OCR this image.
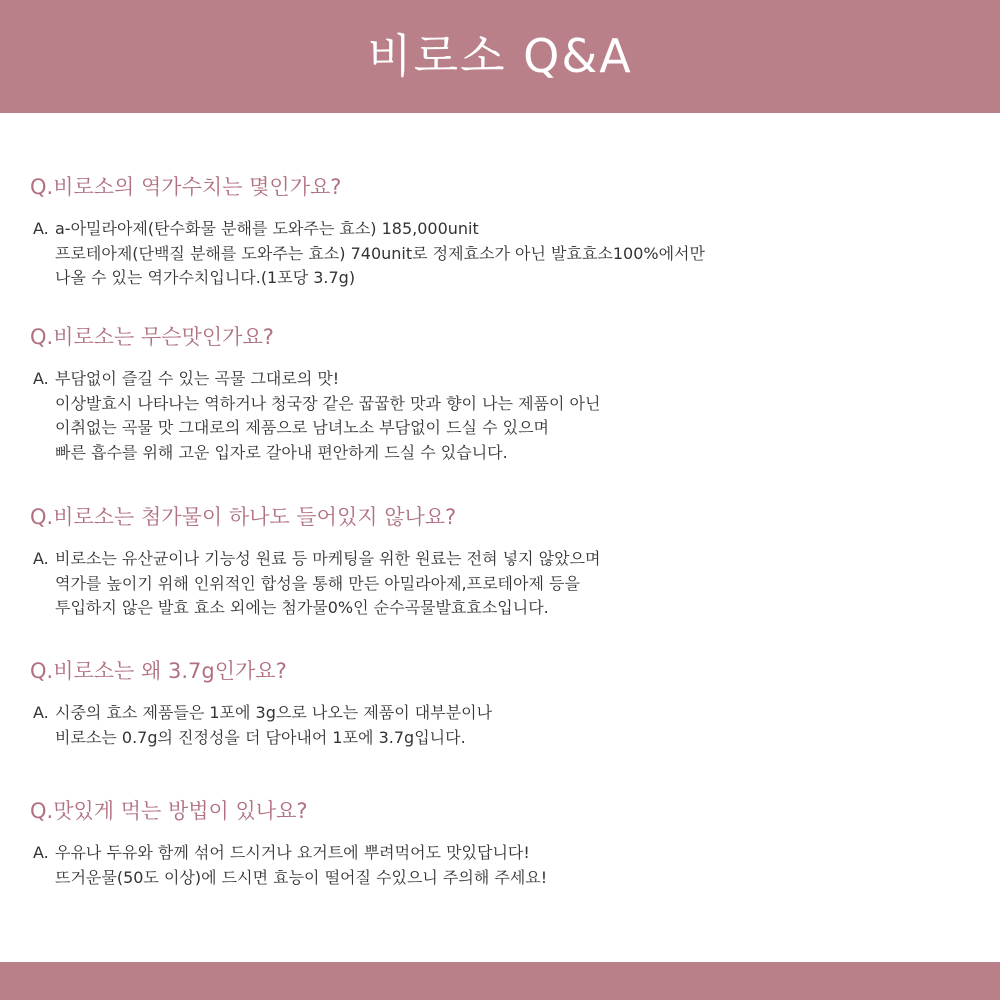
비로소 Q&A
Q.비로소의 역가수치는 몇인가요?
A. a-아밀라아제(탄수화물 분해를 도와주는 효소) 185,000unit
프로테아제(단백질 분해를 도와주는 효소) 740unit로 정제효소가 아닌 발효효소100%에서만
나올 수 있는 역가수치입니다.(1포당 3.7g)
Q.비로소는 무슨맛인가요?
A. 부담없이 즐길 수 있는 곡물 그대로의 맛!
이상발효시 나타나는 역하거나 청국장 같은 꿉꿉한 맛과 향이 나는 제품이 아닌
이취없는 곡물 맛 그대로의 제품으로 남녀노소 부담없이 드실 수 있으며
빠른 흡수를 위해 고운 입자로 갈아내 편안하게 드실 수 있습니다.
Q.비로소는 첨가물이 하나도 들어있지 않나요?
A. 비로소는 유산균이나 기능성 원료 등 마케팅을 위한 원료는 전혀 넣지 않았으며
역가를 높이기 위해 인위적인 합성을 통해 만든 아밀라아제,프로테아제 등을
투입하지 않은 발효 효소 외에는 첨가물0%인 순수곡물발효효소입니다.
Q.비로소는 왜 3.7g인가요?
A. 시중의 효소 제품들은 1포에 3g으로 나오는 제품이 대부분이나
비로소는 0.7g의 진정성을 더 담아내어 1포에 3.7g입니다.
Q.맛있게 먹는 방법이 있나요?
A. 우유나 두유와 함께 섞어 드시거나 요거트에 뿌려먹어도 맛있답니다!
뜨거운물(50도 이상)에 드시면 효능이 떨어질 수있으니 주의해 주세요!
